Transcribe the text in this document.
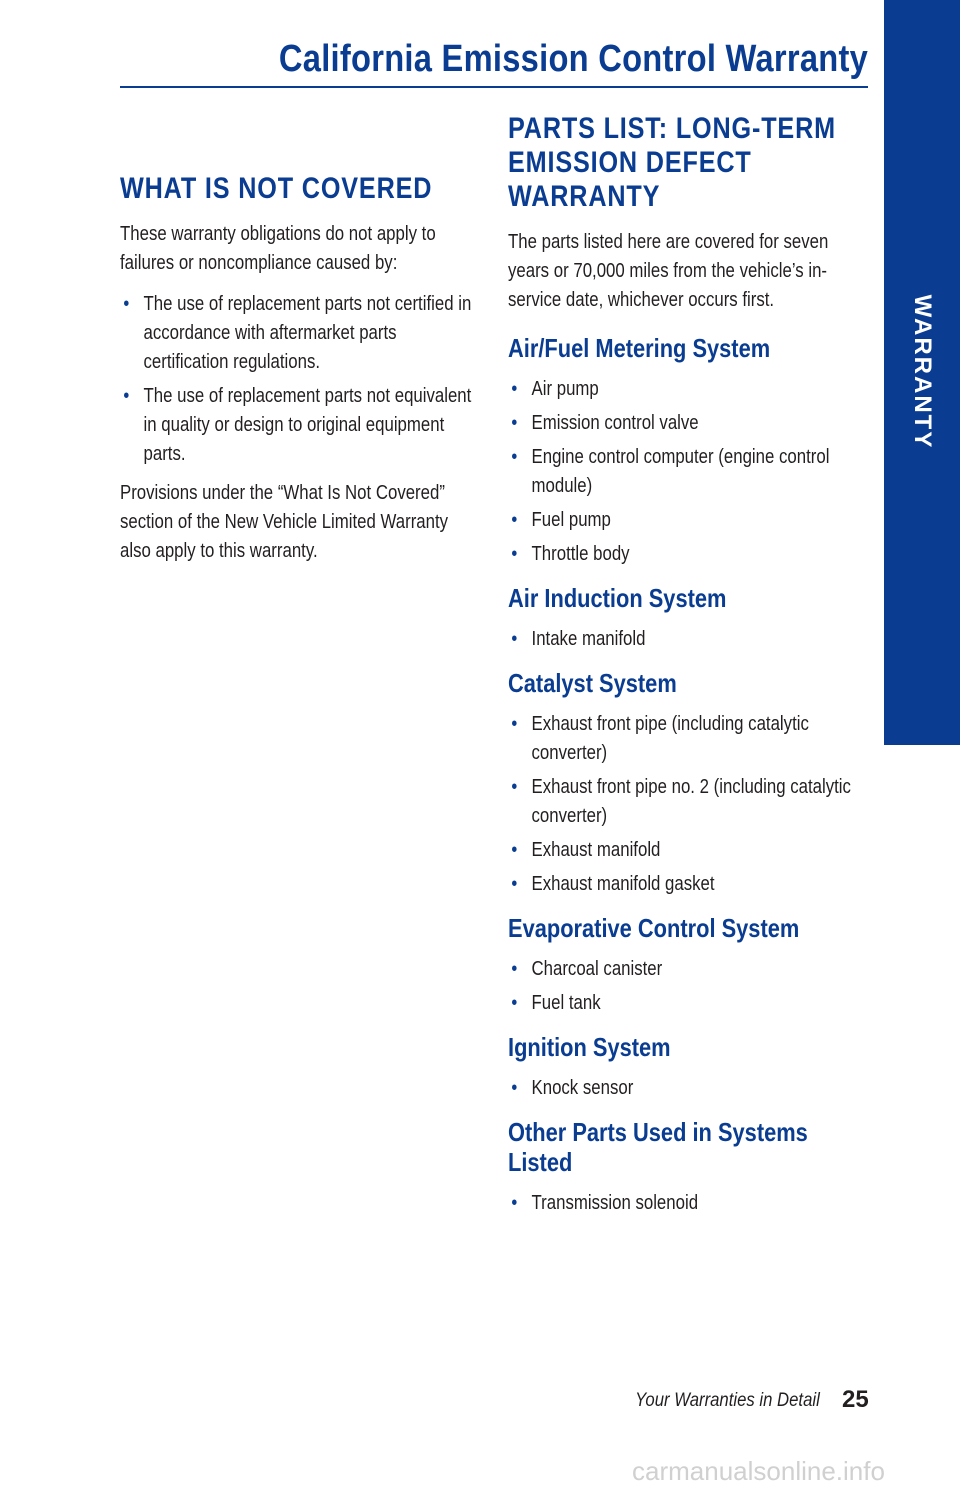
California Emission Control Warranty
WARRANTY
WHAT IS NOT COVERED

These warranty obligations do not apply to failures or noncompliance caused by:

• The use of replacement parts not certified in accordance with aftermarket parts certification regulations.
• The use of replacement parts not equivalent in quality or design to original equipment parts.

Provisions under the “What Is Not Covered” section of the New Vehicle Limited Warranty also apply to this warranty.

PARTS LIST: LONG-TERM EMISSION DEFECT WARRANTY

The parts listed here are covered for seven years or 70,000 miles from the vehicle’s in-service date, whichever occurs first.

Air/Fuel Metering System
• Air pump
• Emission control valve
• Engine control computer (engine control module)
• Fuel pump
• Throttle body
Air Induction System
• Intake manifold
Catalyst System
• Exhaust front pipe (including catalytic converter)
• Exhaust front pipe no. 2 (including catalytic converter)
• Exhaust manifold
• Exhaust manifold gasket
Evaporative Control System
• Charcoal canister
• Fuel tank
Ignition System
• Knock sensor
Other Parts Used in Systems Listed
• Transmission solenoid
Your Warranties in Detail 25
carmanualsonline.info
